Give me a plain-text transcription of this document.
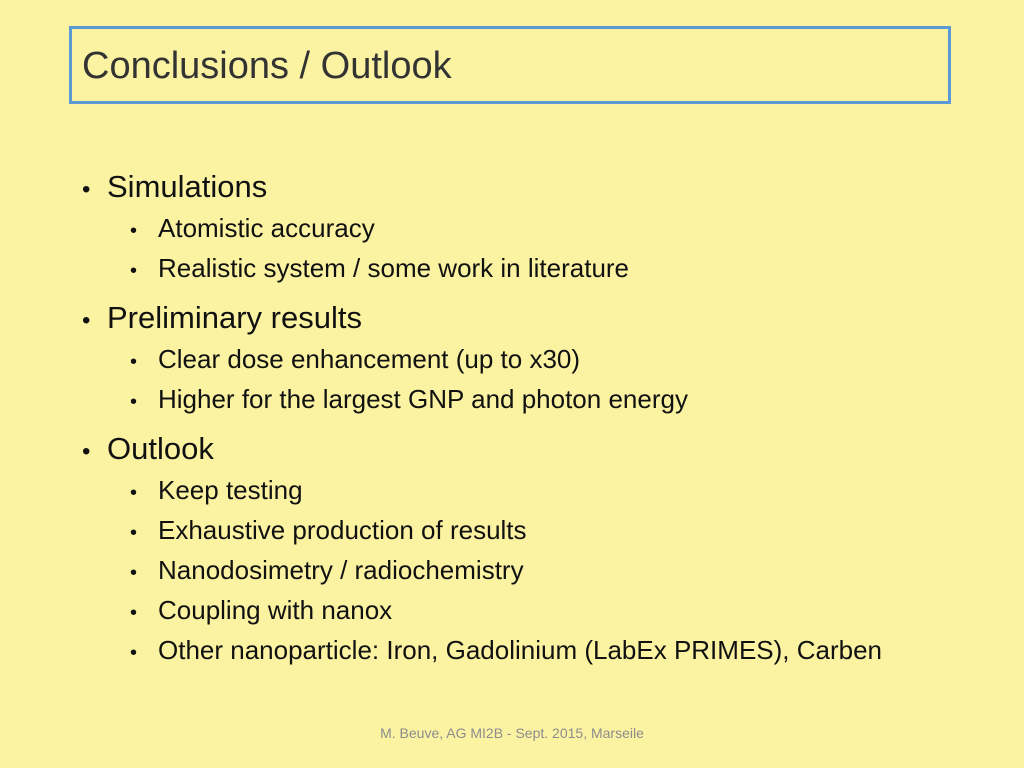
Conclusions / Outlook
• Simulations
• Atomistic accuracy
• Realistic system / some work in literature
• Preliminary results
• Clear dose enhancement (up to x30)
• Higher for the largest GNP and photon energy
• Outlook
• Keep testing
• Exhaustive production of results
• Nanodosimetry / radiochemistry
• Coupling with nanox
• Other nanoparticle: Iron, Gadolinium (LabEx PRIMES), Carben
M. Beuve, AG MI2B - Sept. 2015, Marseile
